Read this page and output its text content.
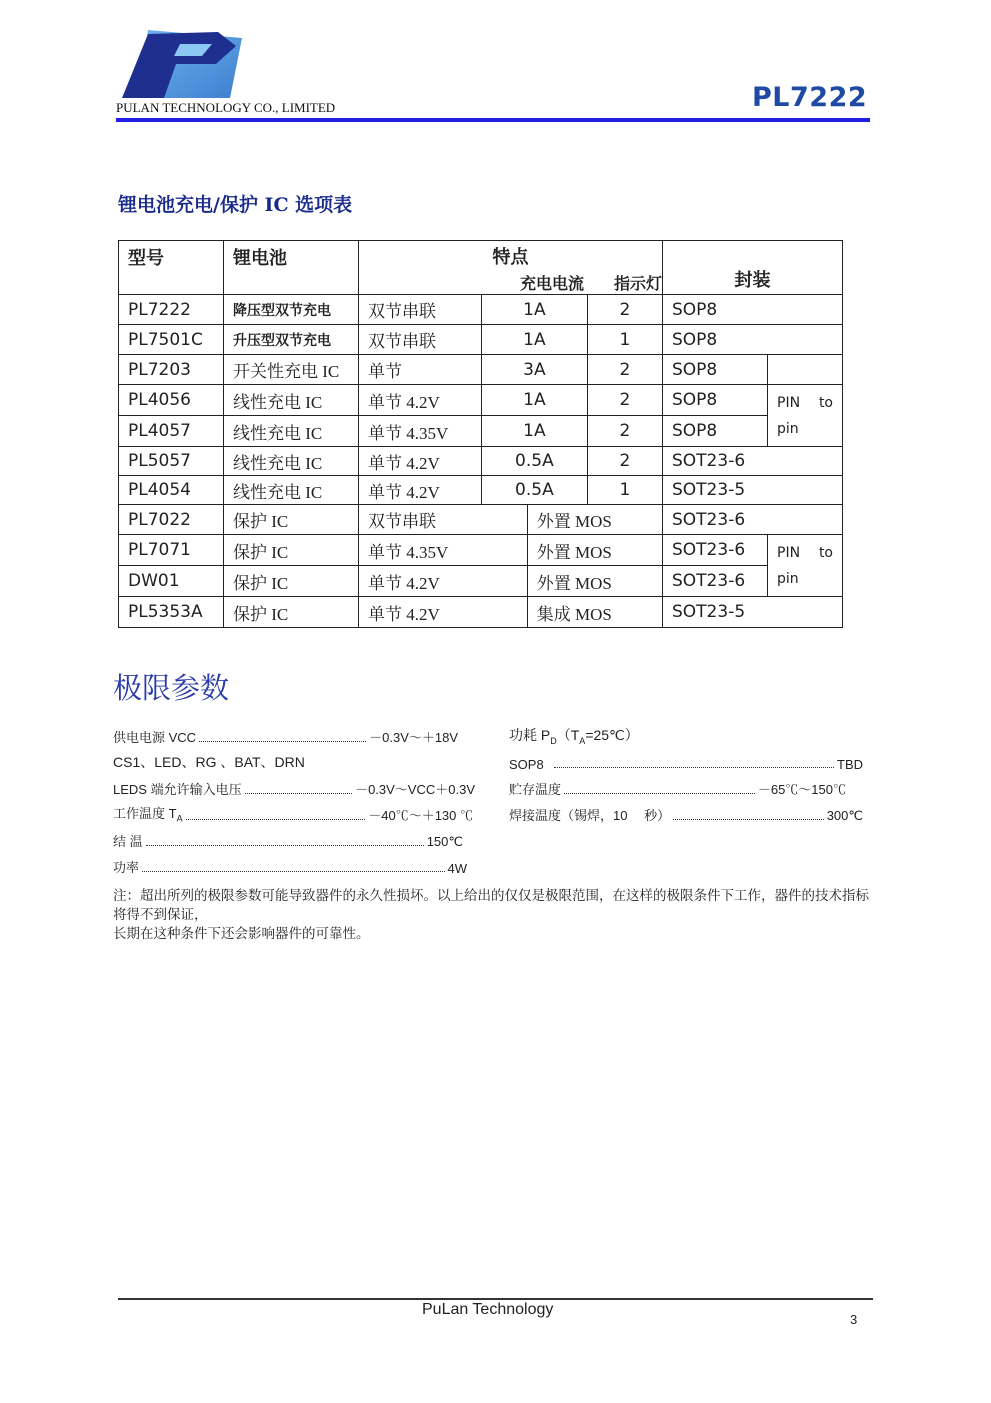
PULAN TECHNOLOGY CO., LIMITED	PL7222
锂电池充电/保护 IC 选项表
型号	锂电池	特点
充电电流 指示灯				封装	
PL7222	降压型双节充电	双节串联	1A		2	SOP8	
PL7501C	升压型双节充电	双节串联	1A		1	SOP8	
PL7203	开关性充电 IC	单节	3A		2	SOP8	
PL4056	线性充电 IC	单节 4.2V	1A		2	SOP8	PIN to
pin

PL4057	线性充电 IC	单节 4.35V	1A		2	SOP8	
PL5057	线性充电 IC	单节 4.2V	0.5A		2	SOT23-6	
PL4054	线性充电 IC	单节 4.2V	0.5A		1	SOT23-5	
PL7022	保护 IC	双节串联		外置 MOS		SOT23-6	
PL7071	保护 IC	单节 4.35V		外置 MOS		SOT23-6	PIN to
pin

DW01	保护 IC	单节 4.2V		外置 MOS		SOT23-6	
PL5353A	保护 IC	单节 4.2V		集成 MOS		SOT23-5	
极限参数
供电电源 VCC	－0.3V～＋18V
CS1、LED、RG 、BAT、DRN
LEDS 端允许输入电压	－0.3V～VCC＋0.3V
工作温度 $T_A$	－40℃～＋130 ℃
结 温	150℃
功率	4W
功耗 $P_D(T_A=25℃)$
SOP8	TBD
贮存温度	－65℃～150℃
焊接温度（锡焊，10　 秒）	300℃
注：超出所列的极限参数可能导致器件的永久性损坏。以上给出的仅仅是极限范围，在这样的极限条件下工作，器件的技术指标将得不到保证，
长期在这种条件下还会影响器件的可靠性。
PuLan Technology
3
